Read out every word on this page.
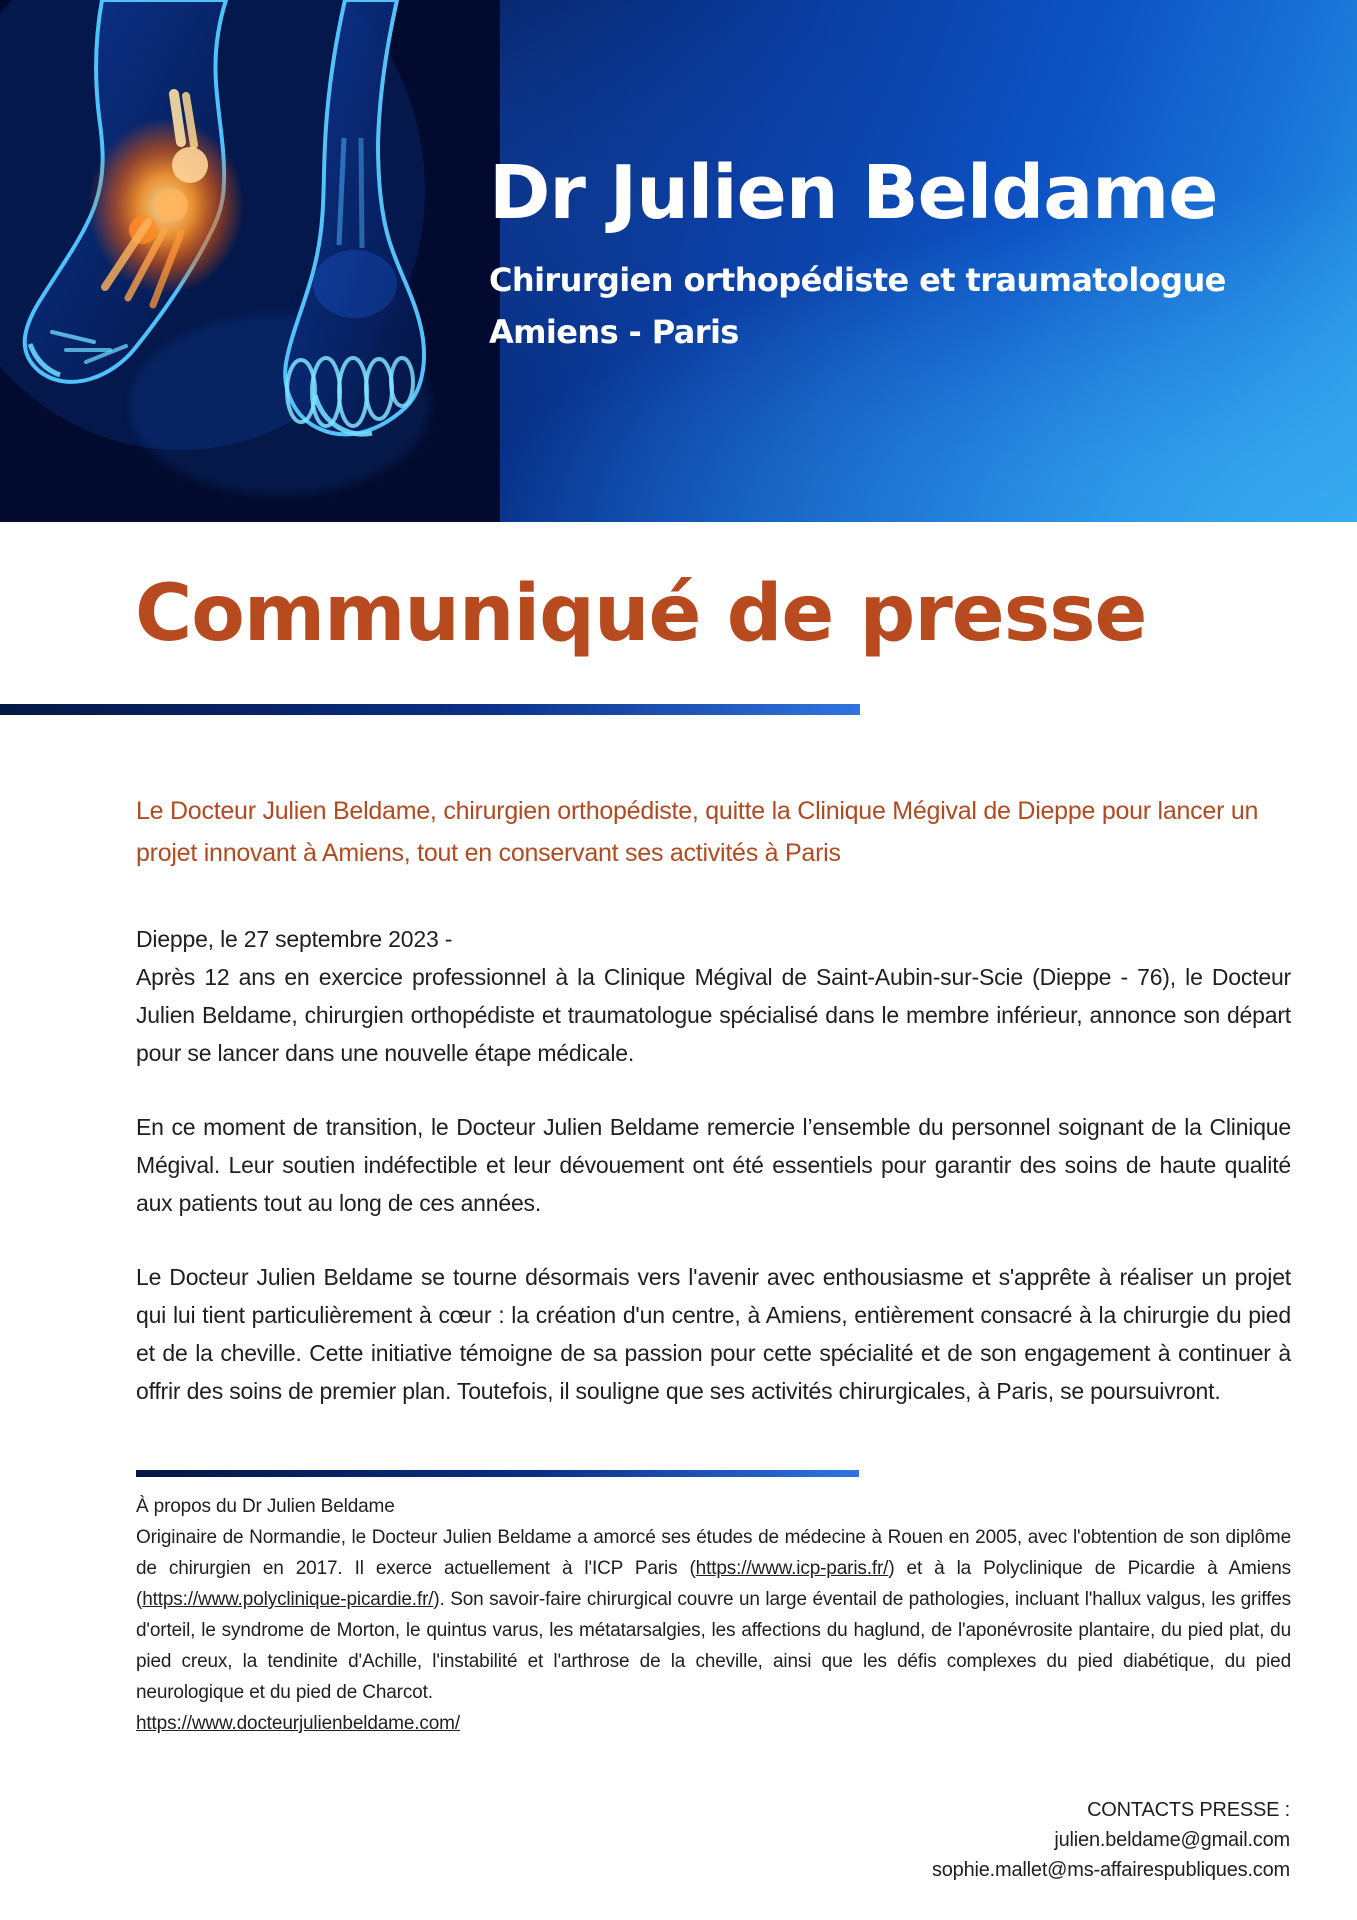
Dr Julien Beldame
Chirurgien orthopédiste et traumatologue
Amiens - Paris
Communiqué de presse

Le Docteur Julien Beldame, chirurgien orthopédiste, quitte la Clinique Mégival de Dieppe pour lancer un projet innovant à Amiens, tout en conservant ses activités à Paris

Dieppe, le 27 septembre 2023 -

Après 12 ans en exercice professionnel à la Clinique Mégival de Saint-Aubin-sur-Scie (Dieppe - 76), le Docteur Julien Beldame, chirurgien orthopédiste et traumatologue spécialisé dans le membre inférieur, annonce son départ pour se lancer dans une nouvelle étape médicale.

En ce moment de transition, le Docteur Julien Beldame remercie l’ensemble du personnel soignant de la Clinique Mégival. Leur soutien indéfectible et leur dévouement ont été essentiels pour garantir des soins de haute qualité aux patients tout au long de ces années.

Le Docteur Julien Beldame se tourne désormais vers l'avenir avec enthousiasme et s'apprête à réaliser un projet qui lui tient particulièrement à cœur : la création d'un centre, à Amiens, entièrement consacré à la chirurgie du pied et de la cheville. Cette initiative témoigne de sa passion pour cette spécialité et de son engagement à continuer à offrir des soins de premier plan. Toutefois, il souligne que ses activités chirurgicales, à Paris, se poursuivront.

À propos du Dr Julien Beldame

Originaire de Normandie, le Docteur Julien Beldame a amorcé ses études de médecine à Rouen en 2005, avec l'obtention de son diplôme de chirurgien en 2017. Il exerce actuellement à l'ICP Paris (https://www.icp-paris.fr/) et à la Polyclinique de Picardie à Amiens (https://www.polyclinique-picardie.fr/). Son savoir-faire chirurgical couvre un large éventail de pathologies, incluant l'hallux valgus, les griffes d'orteil, le syndrome de Morton, le quintus varus, les métatarsalgies, les affections du haglund, de l'aponévrosite plantaire, du pied plat, du pied creux, la tendinite d'Achille, l'instabilité et l'arthrose de la cheville, ainsi que les défis complexes du pied diabétique, du pied neurologique et du pied de Charcot.

https://www.docteurjulienbeldame.com/

CONTACTS PRESSE :
julien.beldame@gmail.com
sophie.mallet@ms-affairespubliques.com
